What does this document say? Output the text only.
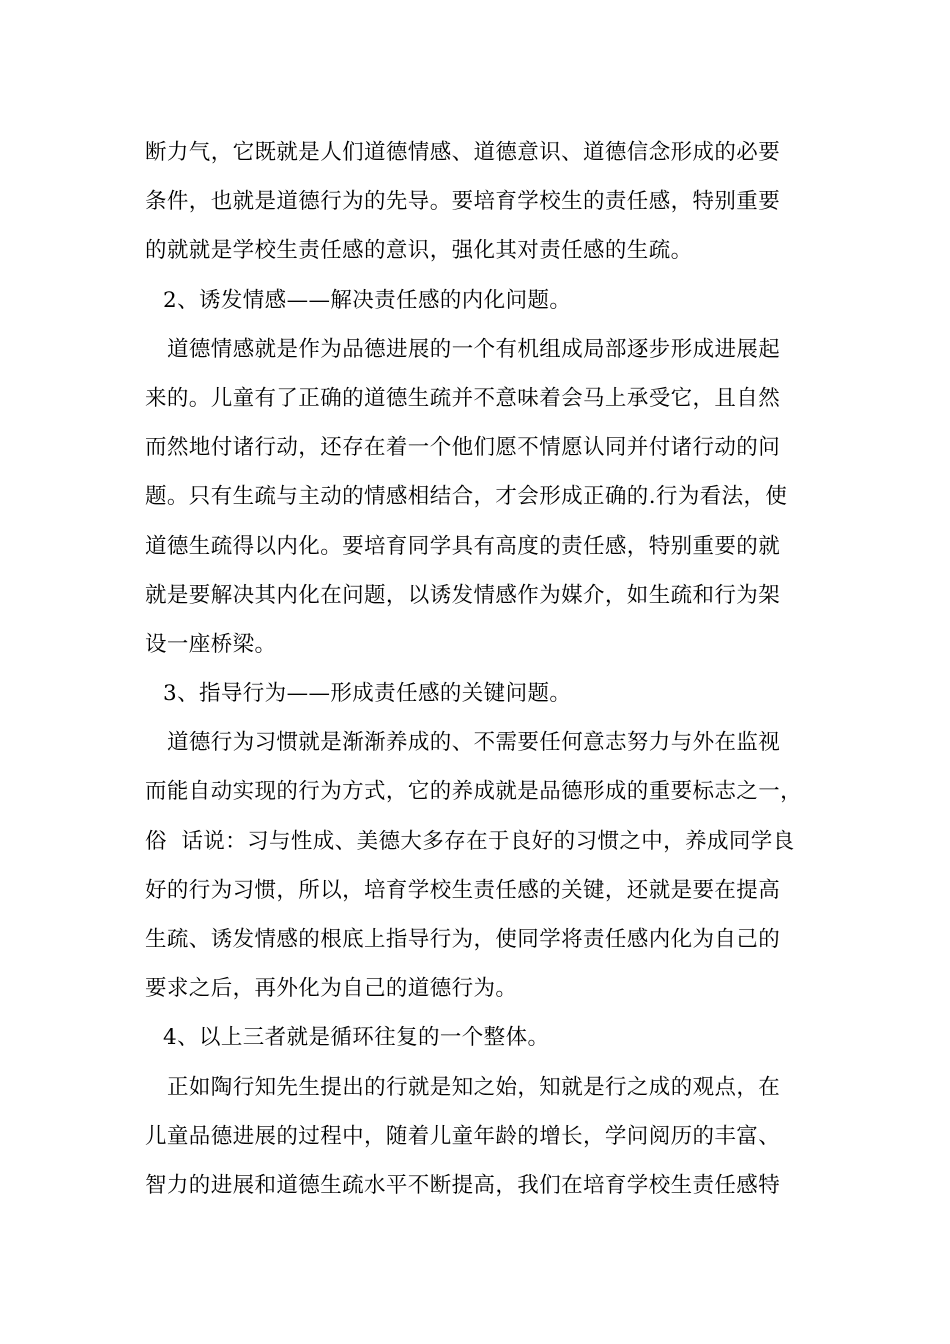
断力气，它既就是人们道德情感、道德意识、道德信念形成的必要
条件，也就是道德行为的先导。要培育学校生的责任感，特别重要
的就就是学校生责任感的意识，强化其对责任感的生疏。
2、诱发情感——解决责任感的内化问题。
道德情感就是作为品德进展的一个有机组成局部逐步形成进展起
来的。儿童有了正确的道德生疏并不意味着会马上承受它，且自然
而然地付诸行动，还存在着一个他们愿不情愿认同并付诸行动的问
题。只有生疏与主动的情感相结合，才会形成正确的.行为看法，使
道德生疏得以内化。要培育同学具有高度的责任感，特别重要的就
就是要解决其内化在问题，以诱发情感作为媒介，如生疏和行为架
设一座桥梁。
3、指导行为——形成责任感的关键问题。
道德行为习惯就是渐渐养成的、不需要任何意志努力与外在监视
而能自动实现的行为方式，它的养成就是品德形成的重要标志之一，
俗  话说：习与性成、美德大多存在于良好的习惯之中，养成同学良
好的行为习惯，所以，培育学校生责任感的关键，还就是要在提高
生疏、诱发情感的根底上指导行为，使同学将责任感内化为自己的
要求之后，再外化为自己的道德行为。
4、以上三者就是循环往复的一个整体。
正如陶行知先生提出的行就是知之始，知就是行之成的观点，在
儿童品德进展的过程中，随着儿童年龄的增长，学问阅历的丰富、
智力的进展和道德生疏水平不断提高，我们在培育学校生责任感特
